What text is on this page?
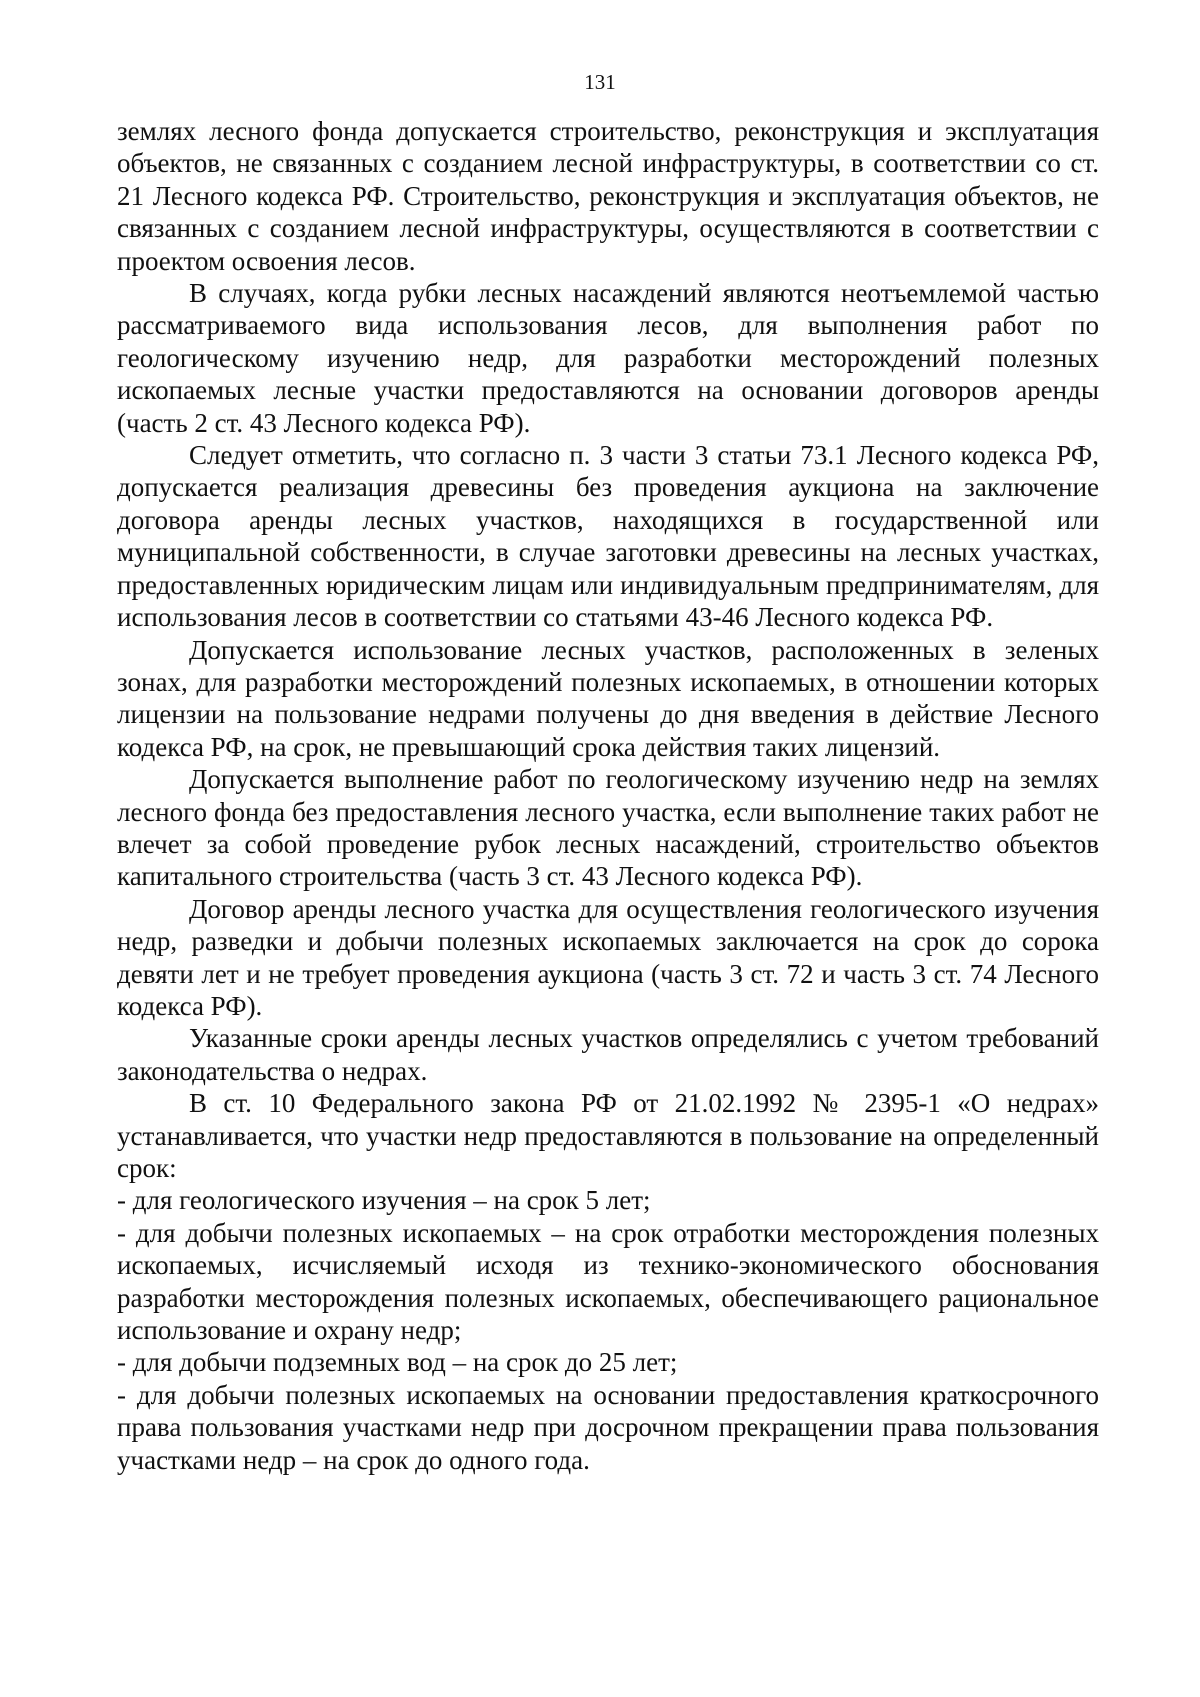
131

землях лесного фонда допускается строительство, реконструкция и эксплуатация объектов, не связанных с созданием лесной инфраструктуры, в соответствии со ст. 21 Лесного кодекса РФ. Строительство, реконструкция и эксплуатация объектов, не связанных с созданием лесной инфраструктуры, осуществляются в соответствии с проектом освоения лесов.

В случаях, когда рубки лесных насаждений являются неотъемлемой частью рассматриваемого вида использования лесов, для выполнения работ по геологическому изучению недр, для разработки месторождений полезных ископаемых лесные участки предоставляются на основании договоров аренды (часть 2 ст. 43 Лесного кодекса РФ).

Следует отметить, что согласно п. 3 части 3 статьи 73.1 Лесного кодекса РФ, допускается реализация древесины без проведения аукциона на заключение договора аренды лесных участков, находящихся в государственной или муниципальной собственности, в случае заготовки древесины на лесных участках, предоставленных юридическим лицам или индивидуальным предпринимателям, для использования лесов в соответствии со статьями 43-46 Лесного кодекса РФ.

Допускается использование лесных участков, расположенных в зеленых зонах, для разработки месторождений полезных ископаемых, в отношении которых лицензии на пользование недрами получены до дня введения в действие Лесного кодекса РФ, на срок, не превышающий срока действия таких лицензий.

Допускается выполнение работ по геологическому изучению недр на землях лесного фонда без предоставления лесного участка, если выполнение таких работ не влечет за собой проведение рубок лесных насаждений, строительство объектов капитального строительства (часть 3 ст. 43 Лесного кодекса РФ).

Договор аренды лесного участка для осуществления геологического изучения недр, разведки и добычи полезных ископаемых заключается на срок до сорока девяти лет и не требует проведения аукциона (часть 3 ст. 72 и часть 3 ст. 74 Лесного кодекса РФ).

Указанные сроки аренды лесных участков определялись с учетом требований законодательства о недрах.

В ст. 10 Федерального закона РФ от 21.02.1992 № 2395-1 «О недрах» устанавливается, что участки недр предоставляются в пользование на определенный срок:

- для геологического изучения – на срок 5 лет;

- для добычи полезных ископаемых – на срок отработки месторождения полезных ископаемых, исчисляемый исходя из технико-экономического обоснования разработки месторождения полезных ископаемых, обеспечивающего рациональное использование и охрану недр;

- для добычи подземных вод – на срок до 25 лет;

- для добычи полезных ископаемых на основании предоставления краткосрочного права пользования участками недр при досрочном прекращении права пользования участками недр – на срок до одного года.
